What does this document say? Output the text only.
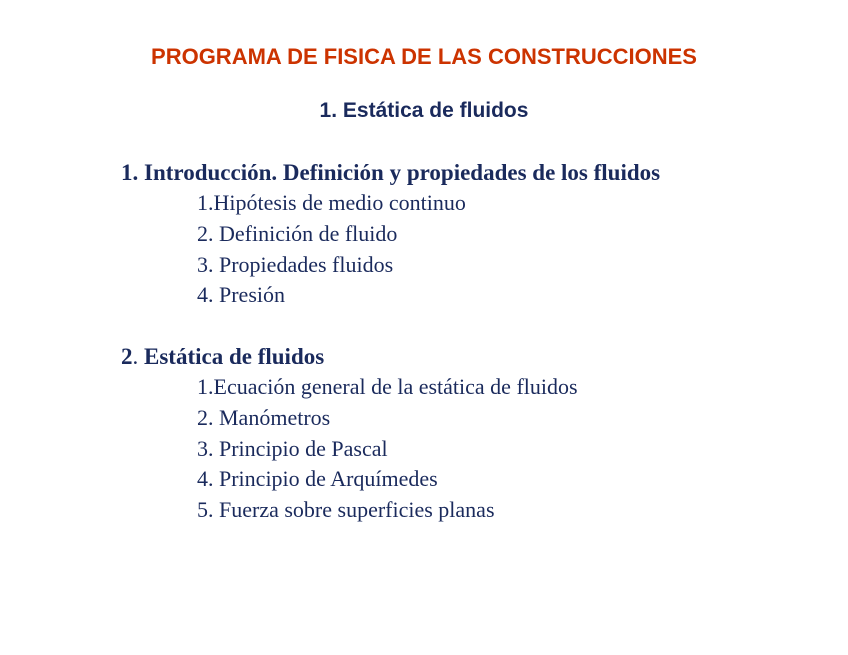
PROGRAMA DE FISICA DE LAS CONSTRUCCIONES
1. Estática de fluidos
1. Introducción. Definición y propiedades de los fluidos
1.Hipótesis de medio continuo
2. Definición de fluido
3. Propiedades fluidos
4. Presión
2. Estática de fluidos
1.Ecuación general de la estática de fluidos
2. Manómetros
3. Principio de Pascal
4. Principio de Arquímedes
5. Fuerza sobre superficies planas
